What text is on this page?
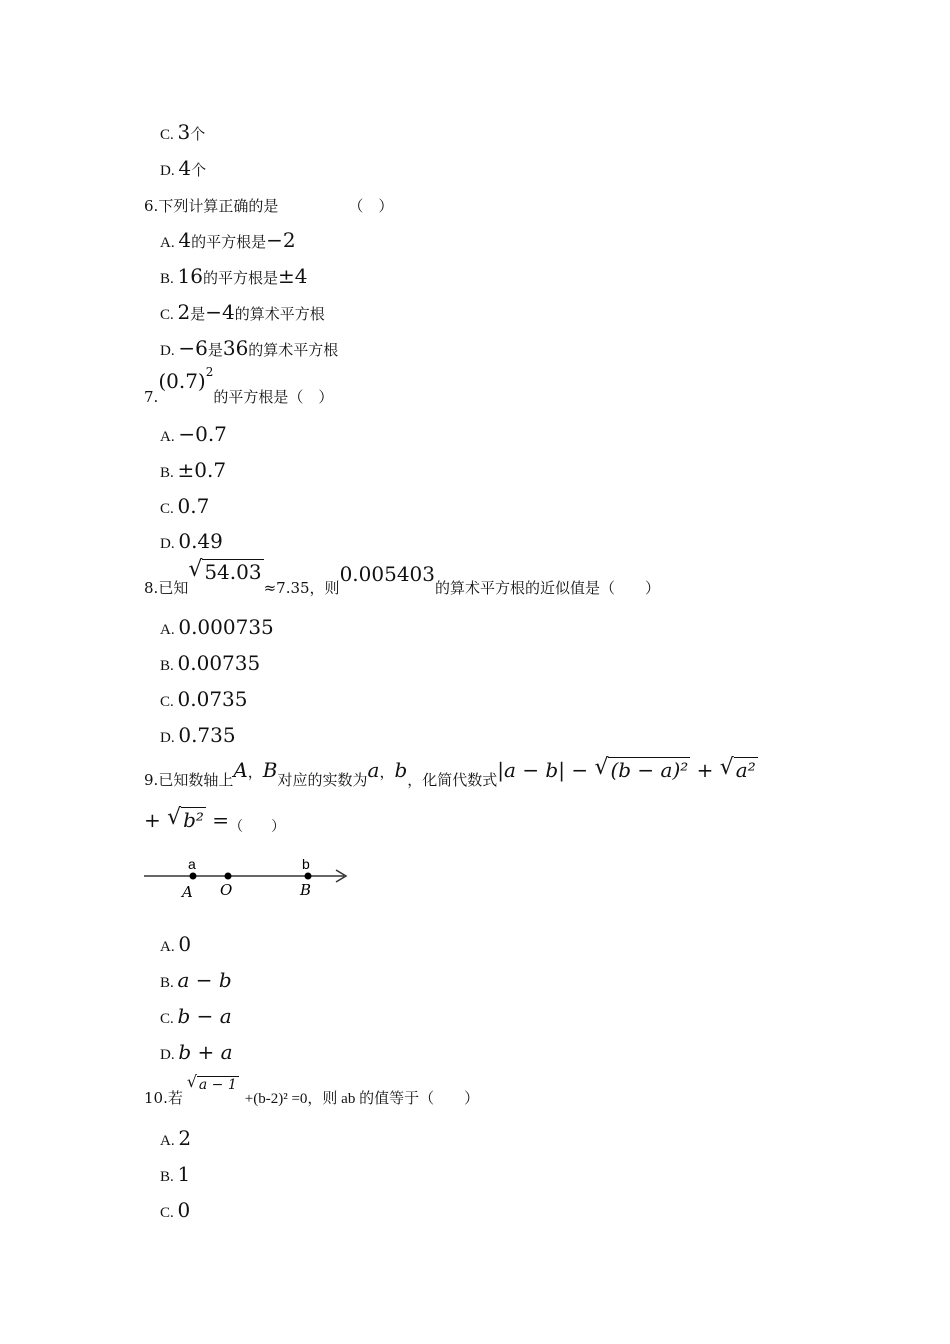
C. 3个
D. 4个
6.下列计算正确的是	（　）
A. 4的平方根是−2
B. 16的平方根是±4
C. 2是−4的算术平方根
D. −6是36的算术平方根
$7.(0.7)^2$的平方根是（　）
A. −0.7
B. ±0.7
C. 0.7
D. 0.49
8.已知√ 54.03≈7.35，则0.005403的算术平方根的近似值是（　　）
A. 0.000735
B. 0.00735
C. 0.0735
D. 0.735
9.已知数轴上A，B对应的实数为a，b，化简代数式|a − b| − √ (b − a)² + √ a²
+ √ b² =（　　）
a	b
A O	B
A. 0
B. a − b
C. b − a
D. b + a
10.若√ a − 1+(b-2)² =0，则 ab 的值等于（　　）
A. 2
B. 1
C. 0
